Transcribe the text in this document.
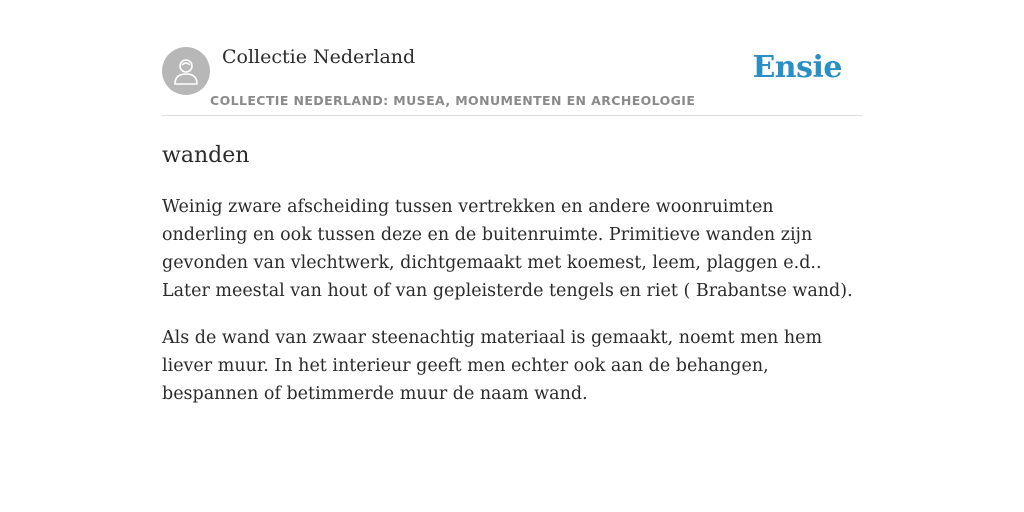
Collectie Nederland
COLLECTIE NEDERLAND: MUSEA, MONUMENTEN EN ARCHEOLOGIE
Ensie
wanden

Weinig zware afscheiding tussen vertrekken en andere woonruimten onderling en ook tussen deze en de buitenruimte. Primitieve wanden zijn gevonden van vlechtwerk, dichtgemaakt met koemest, leem, plaggen e.d.. Later meestal van hout of van gepleisterde tengels en riet ( Brabantse wand).

Als de wand van zwaar steenachtig materiaal is gemaakt, noemt men hem liever muur. In het interieur geeft men echter ook aan de behangen, bespannen of betimmerde muur de naam wand.
